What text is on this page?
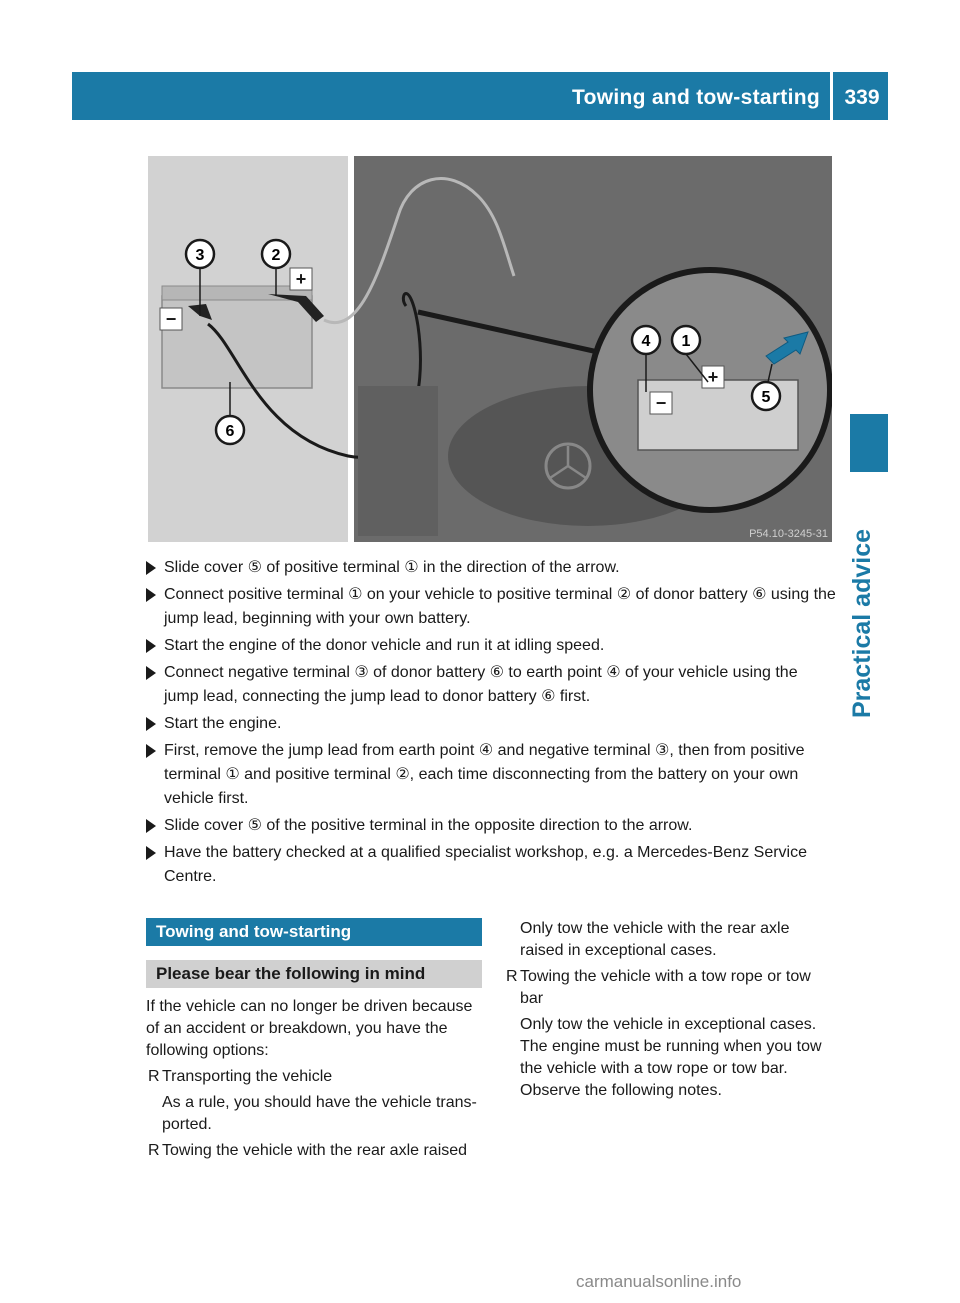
Towing and tow-starting	339
Practical advice
+
−
+
−
3	2
6
4 1
5
P54.10-3245-31
Slide cover ⑤ of positive terminal ① in the direction of the arrow.
Connect positive terminal ① on your vehicle to positive terminal ② of donor battery ⑥ using the jump lead, beginning with your own battery.
Start the engine of the donor vehicle and run it at idling speed.
Connect negative terminal ③ of donor battery ⑥ to earth point ④ of your vehicle using the jump lead, connecting the jump lead to donor battery ⑥ first.
Start the engine.
First, remove the jump lead from earth point ④ and negative terminal ③, then from positive terminal ① and positive terminal ②, each time disconnecting from the battery on your own vehicle first.
Slide cover ⑤ of the positive terminal in the opposite direction to the arrow.
Have the battery checked at a qualified specialist workshop, e.g. a Mercedes-Benz Service Centre.
Towing and tow-starting
Please bear the following in mind
If the vehicle can no longer be driven because of an accident or breakdown, you have the following options:
R Transporting the vehicle
As a rule, you should have the vehicle trans-ported.
R Towing the vehicle with the rear axle raised
Only tow the vehicle with the rear axle raised in exceptional cases.
R Towing the vehicle with a tow rope or tow bar
Only tow the vehicle in exceptional cases. The engine must be running when you tow the vehicle with a tow rope or tow bar. Observe the following notes.
carmanualsonline.info
